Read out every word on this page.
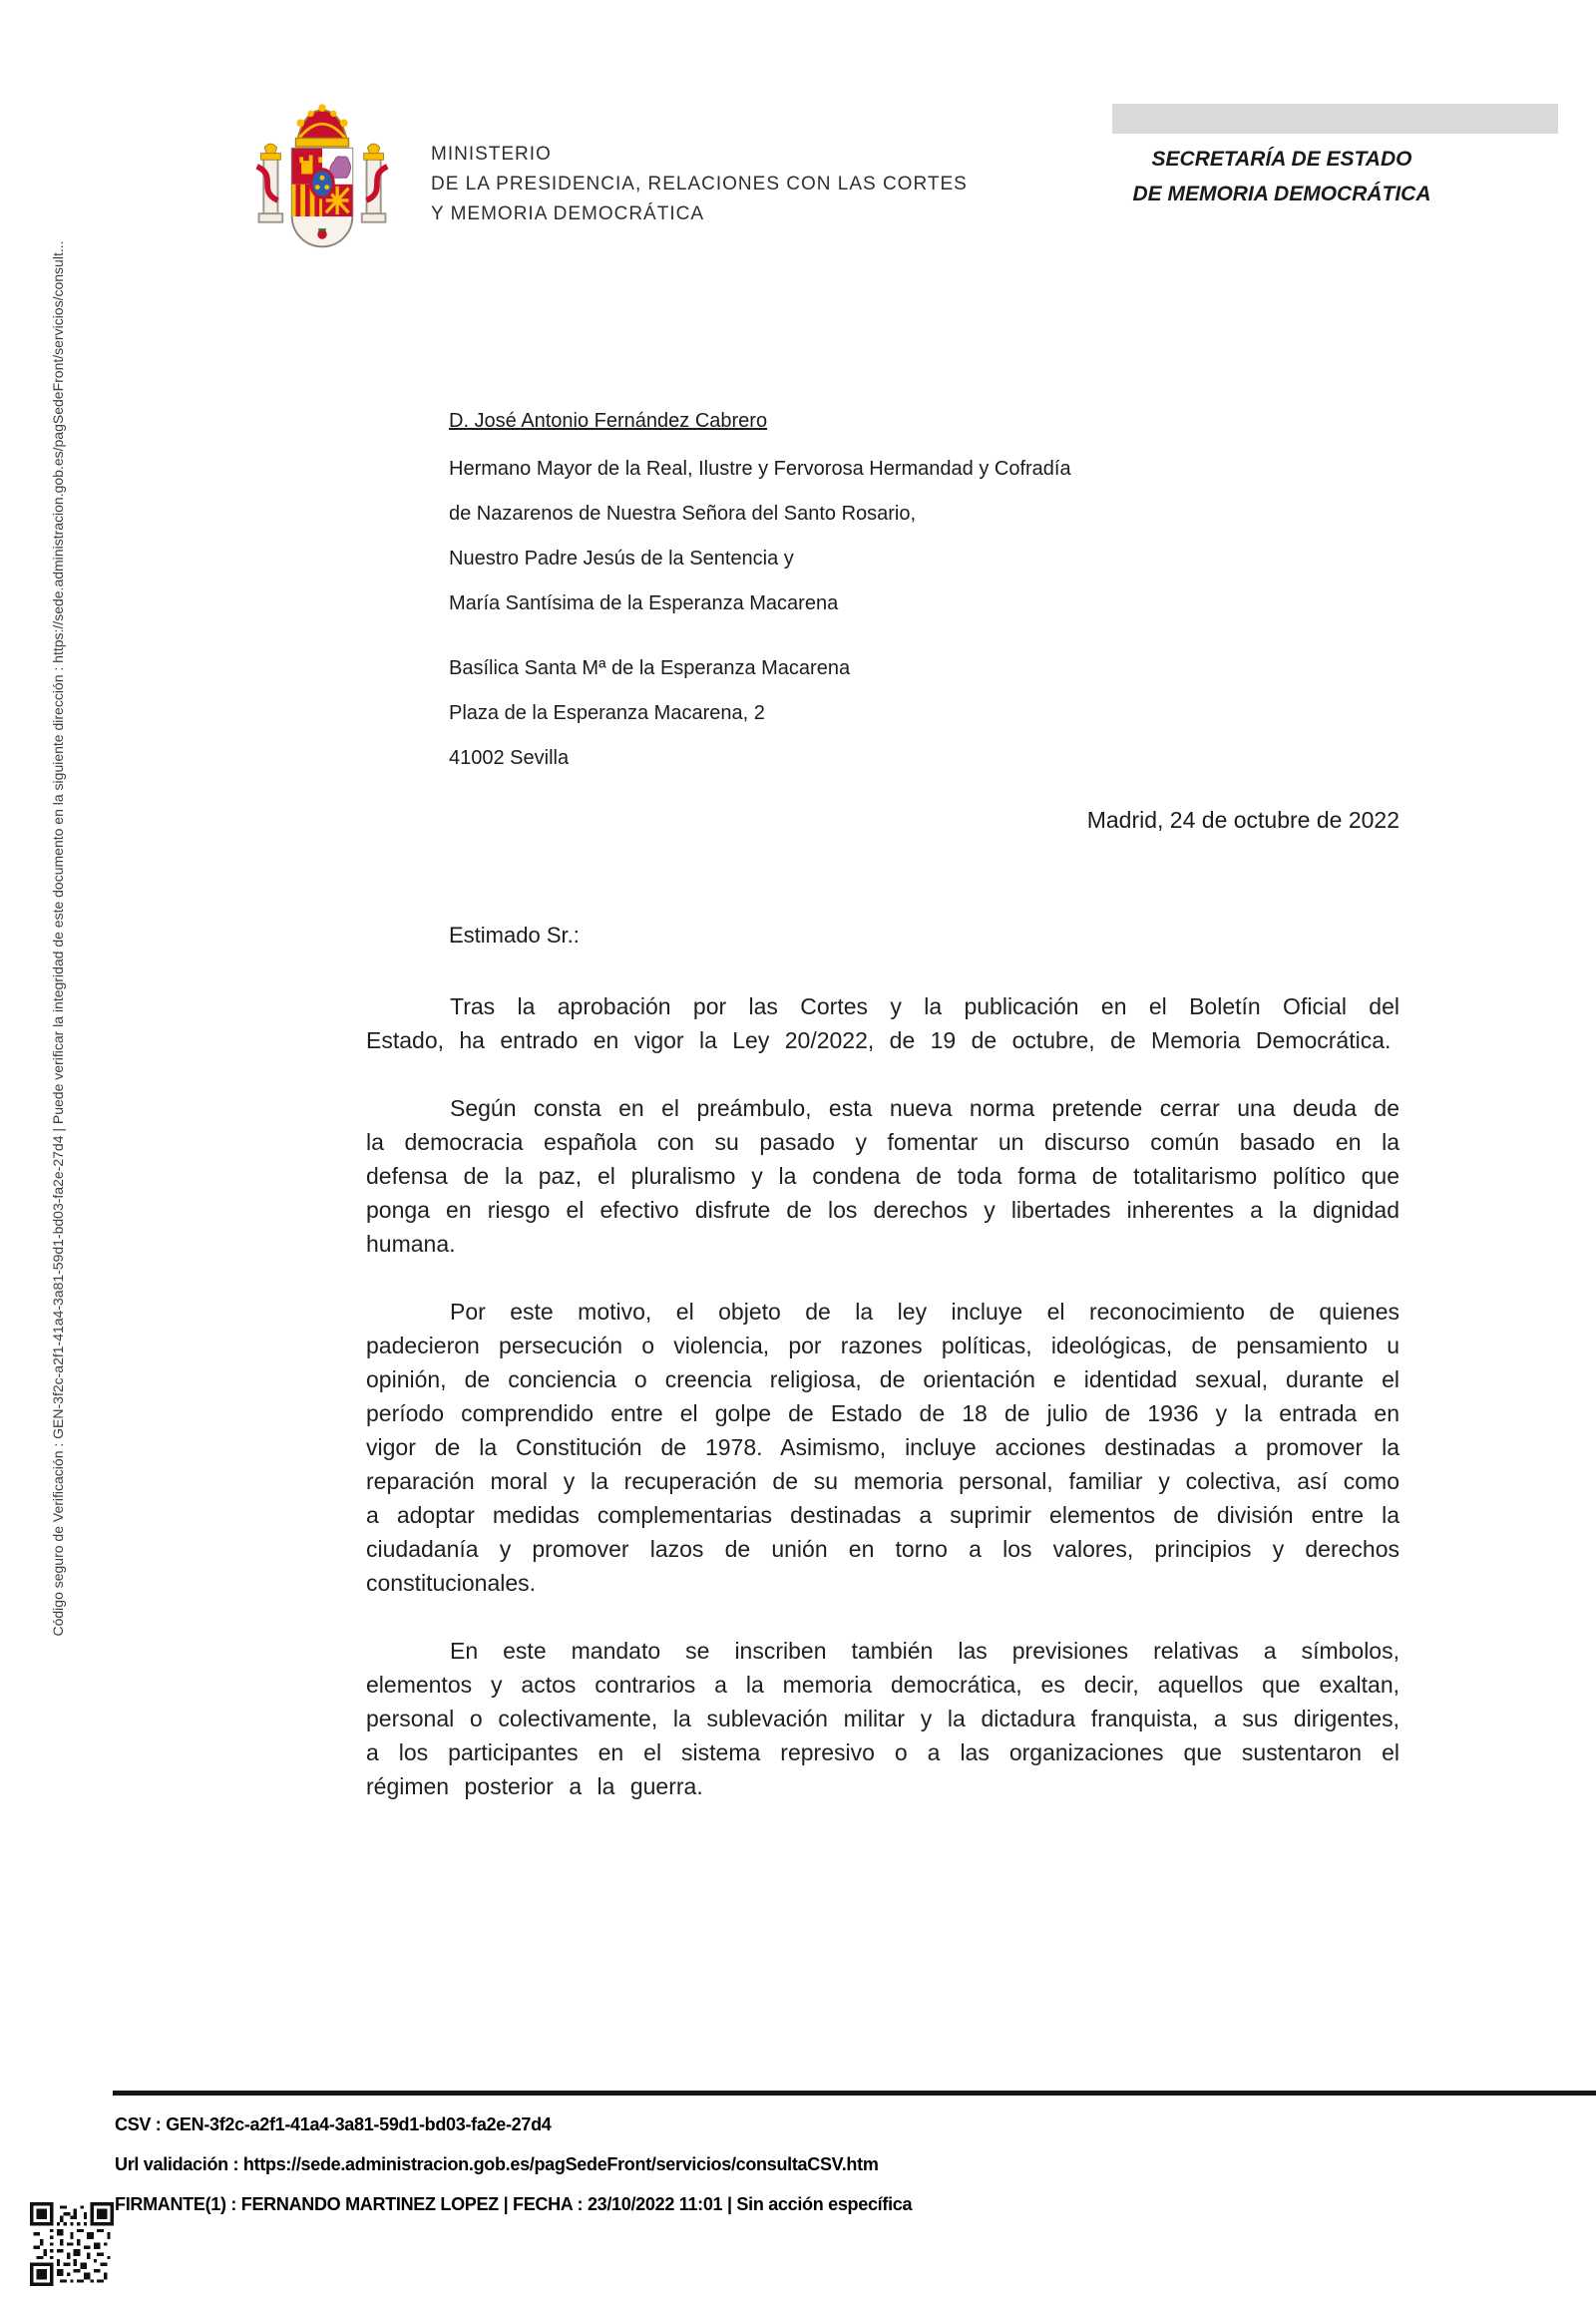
MINISTERIO
DE LA PRESIDENCIA, RELACIONES CON LAS CORTES
Y MEMORIA DEMOCRÁTICA
SECRETARÍA DE ESTADO
DE MEMORIA DEMOCRÁTICA
D. José Antonio Fernández Cabrero
Hermano Mayor de la Real, Ilustre y Fervorosa Hermandad y Cofradía
de Nazarenos de Nuestra Señora del Santo Rosario,
Nuestro Padre Jesús de la Sentencia y
María Santísima de la Esperanza Macarena
Basílica Santa Mª de la Esperanza Macarena
Plaza de la Esperanza Macarena, 2
41002 Sevilla
Madrid, 24 de octubre de 2022
Estimado Sr.:

Tras la aprobación por las Cortes y la publicación en el Boletín Oficial del Estado, ha entrado en vigor la Ley 20/2022, de 19 de octubre, de Memoria Democrática.

Según consta en el preámbulo, esta nueva norma pretende cerrar una deuda de la democracia española con su pasado y fomentar un discurso común basado en la defensa de la paz, el pluralismo y la condena de toda forma de totalitarismo político que ponga en riesgo el efectivo disfrute de los derechos y libertades inherentes a la dignidad humana.

Por este motivo, el objeto de la ley incluye el reconocimiento de quienes padecieron persecución o violencia, por razones políticas, ideológicas, de pensamiento u opinión, de conciencia o creencia religiosa, de orientación e identidad sexual, durante el período comprendido entre el golpe de Estado de 18 de julio de 1936 y la entrada en vigor de la Constitución de 1978. Asimismo, incluye acciones destinadas a promover la reparación moral y la recuperación de su memoria personal, familiar y colectiva, así como a adoptar medidas complementarias destinadas a suprimir elementos de división entre la ciudadanía y promover lazos de unión en torno a los valores, principios y derechos constitucionales.

En este mandato se inscriben también las previsiones relativas a símbolos, elementos y actos contrarios a la memoria democrática, es decir, aquellos que exaltan, personal o colectivamente, la sublevación militar y la dictadura franquista, a sus dirigentes, a los participantes en el sistema represivo o a las organizaciones que sustentaron el régimen posterior a la guerra.

Código seguro de Verificación : GEN-3f2c-a2f1-41a4-3a81-59d1-bd03-fa2e-27d4 | Puede verificar la integridad de este documento en la siguiente dirección : https://sede.administracion.gob.es/pagSedeFront/servicios/consult...
CSV : GEN-3f2c-a2f1-41a4-3a81-59d1-bd03-fa2e-27d4
Url validación : https://sede.administracion.gob.es/pagSedeFront/servicios/consultaCSV.htm
FIRMANTE(1) : FERNANDO MARTINEZ LOPEZ | FECHA : 23/10/2022 11:01 | Sin acción específica
